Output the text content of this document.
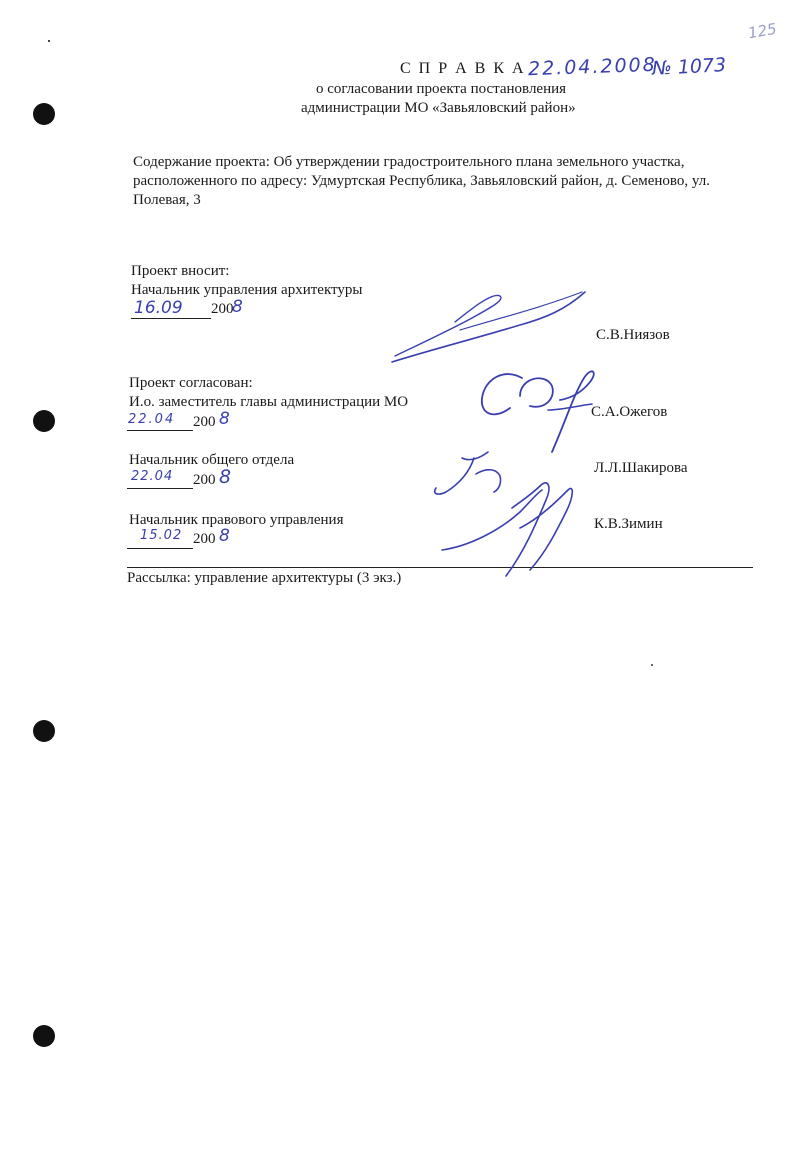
125
С П Р А В К А 22.04.2008
№ 1073
о согласовании проекта постановления
администрации МО «Завьяловский район»
Содержание проекта: Об утверждении градостроительного плана земельного участка,
расположенного по адресу: Удмуртская Республика, Завьяловский район, д. Семеново, ул.
Полевая, 3
Проект вносит:
Начальник управления архитектуры
16.09 200
8
С.В.Ниязов
Проект согласован:
И.о. заместитель главы администрации МО
22.04 200 8	С.А.Ожегов
Начальник общего отдела
22.04 200 8	Л.Л.Шакирова
Начальник правового управления
15.02 200 8
К.В.Зимин
Рассылка: управление архитектуры (3 экз.)
